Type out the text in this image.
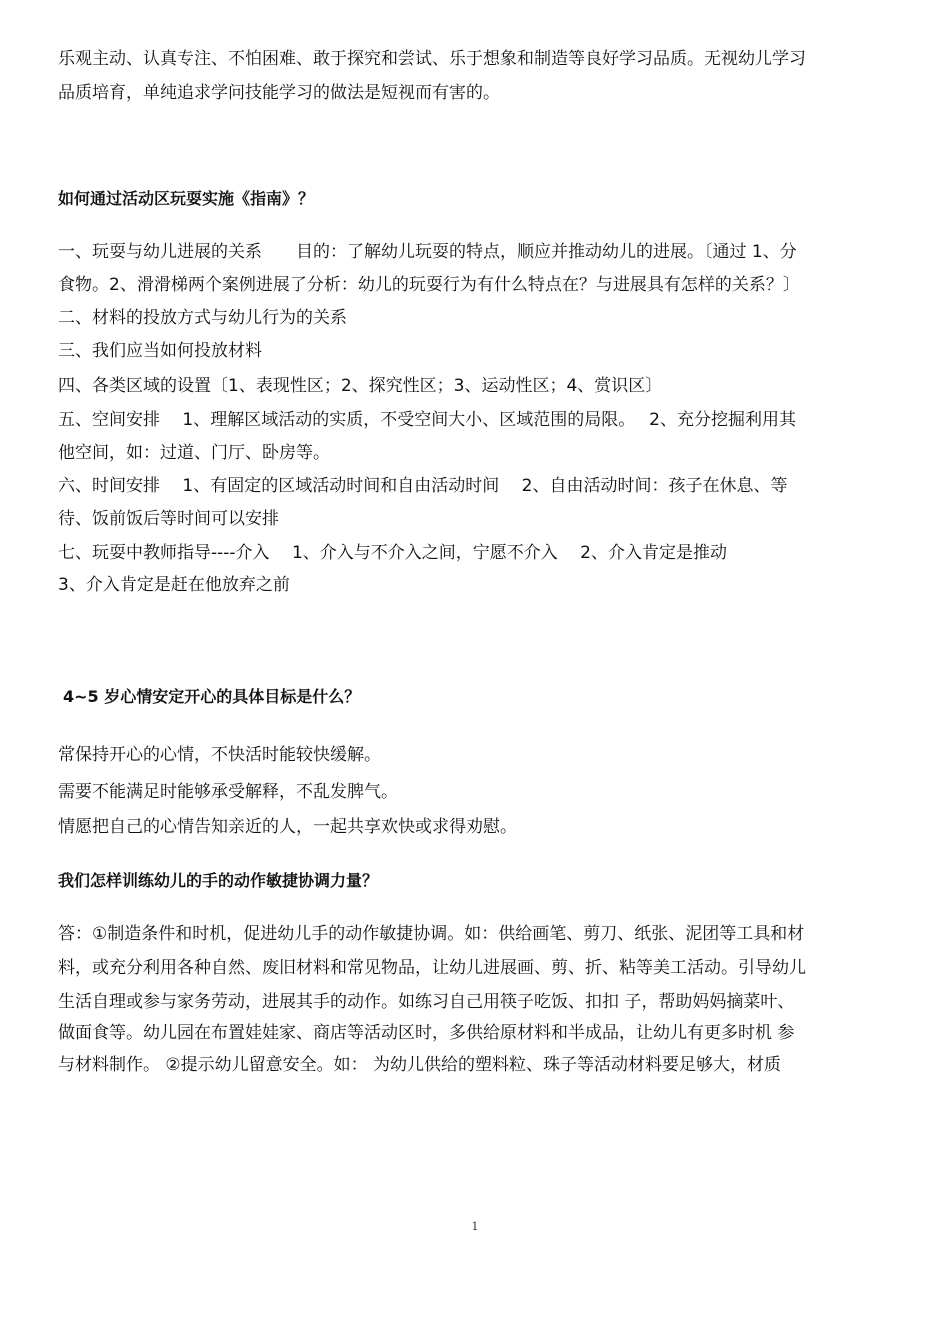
乐观主动、认真专注、不怕困难、敢于探究和尝试、乐于想象和制造等良好学习品质。无视幼儿学习
品质培育，单纯追求学问技能学习的做法是短视而有害的。
如何通过活动区玩耍实施《指南》？
一、玩耍与幼儿进展的关系　　目的：了解幼儿玩耍的特点，顺应并推动幼儿的进展。〔通过 1、分
食物。2、滑滑梯两个案例进展了分析：幼儿的玩耍行为有什么特点在？与进展具有怎样的关系？〕
二、材料的投放方式与幼儿行为的关系
三、我们应当如何投放材料
四、各类区域的设置〔1、表现性区；2、探究性区；3、运动性区；4、赏识区〕
五、空间安排　 1、理解区域活动的实质，不受空间大小、区域范围的局限。　 2、充分挖掘利用其
他空间，如：过道、门厅、卧房等。
六、时间安排　 1、有固定的区域活动时间和自由活动时间　 2、自由活动时间：孩子在休息、等
待、饭前饭后等时间可以安排
七、玩耍中教师指导----介入　 1、介入与不介入之间，宁愿不介入　 2、介入肯定是推动
3、介入肯定是赶在他放弃之前
4~5 岁心情安定开心的具体目标是什么？
常保持开心的心情，不快活时能较快缓解。
需要不能满足时能够承受解释，不乱发脾气。
情愿把自己的心情告知亲近的人，一起共享欢快或求得劝慰。
我们怎样训练幼儿的手的动作敏捷协调力量？
答：①制造条件和时机，促进幼儿手的动作敏捷协调。如：供给画笔、剪刀、纸张、泥团等工具和材
料，或充分利用各种自然、废旧材料和常见物品，让幼儿进展画、剪、折、粘等美工活动。引导幼儿
生活自理或参与家务劳动，进展其手的动作。如练习自己用筷子吃饭、扣扣 子，帮助妈妈摘菜叶、
做面食等。幼儿园在布置娃娃家、商店等活动区时，多供给原材料和半成品，让幼儿有更多时机 参
与材料制作。 ②提示幼儿留意安全。如： 为幼儿供给的塑料粒、珠子等活动材料要足够大，材质
1
